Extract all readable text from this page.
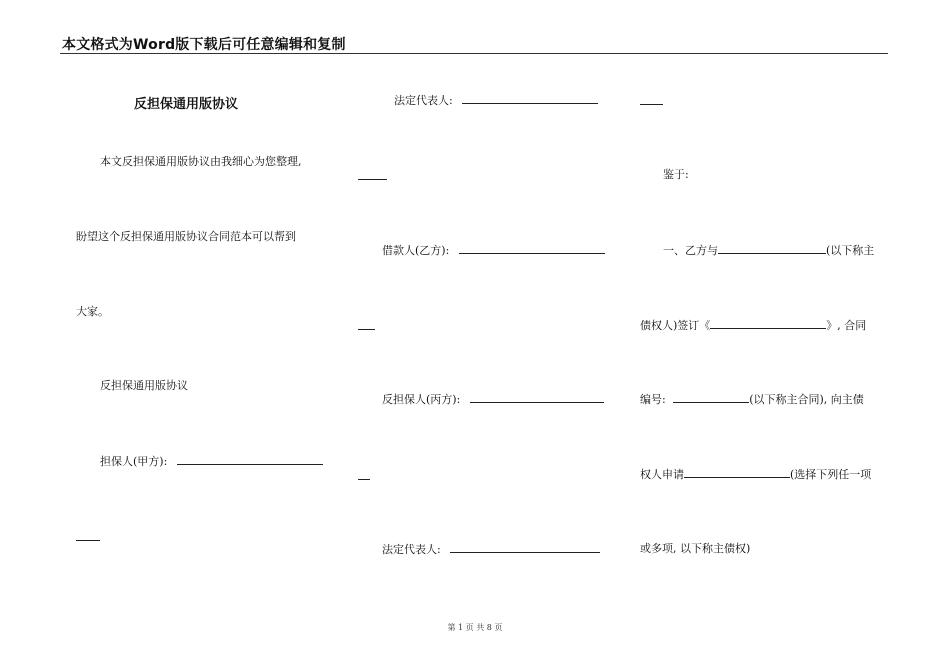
本文格式为Word版下载后可任意编辑和复制
反担保通用版协议
本文反担保通用版协议由我细心为您整理,
盼望这个反担保通用版协议合同范本可以帮到
大家。
反担保通用版协议
担保人(甲方):
法定代表人:
借款人(乙方):
反担保人(丙方):
法定代表人:
鉴于:
一、乙方与	(以下称主
债权人)签订《	》, 合同
编号:	(以下称主合同), 向主债
权人申请	(选择下列任一项
或多项, 以下称主债权)
第 1 页 共 8 页
